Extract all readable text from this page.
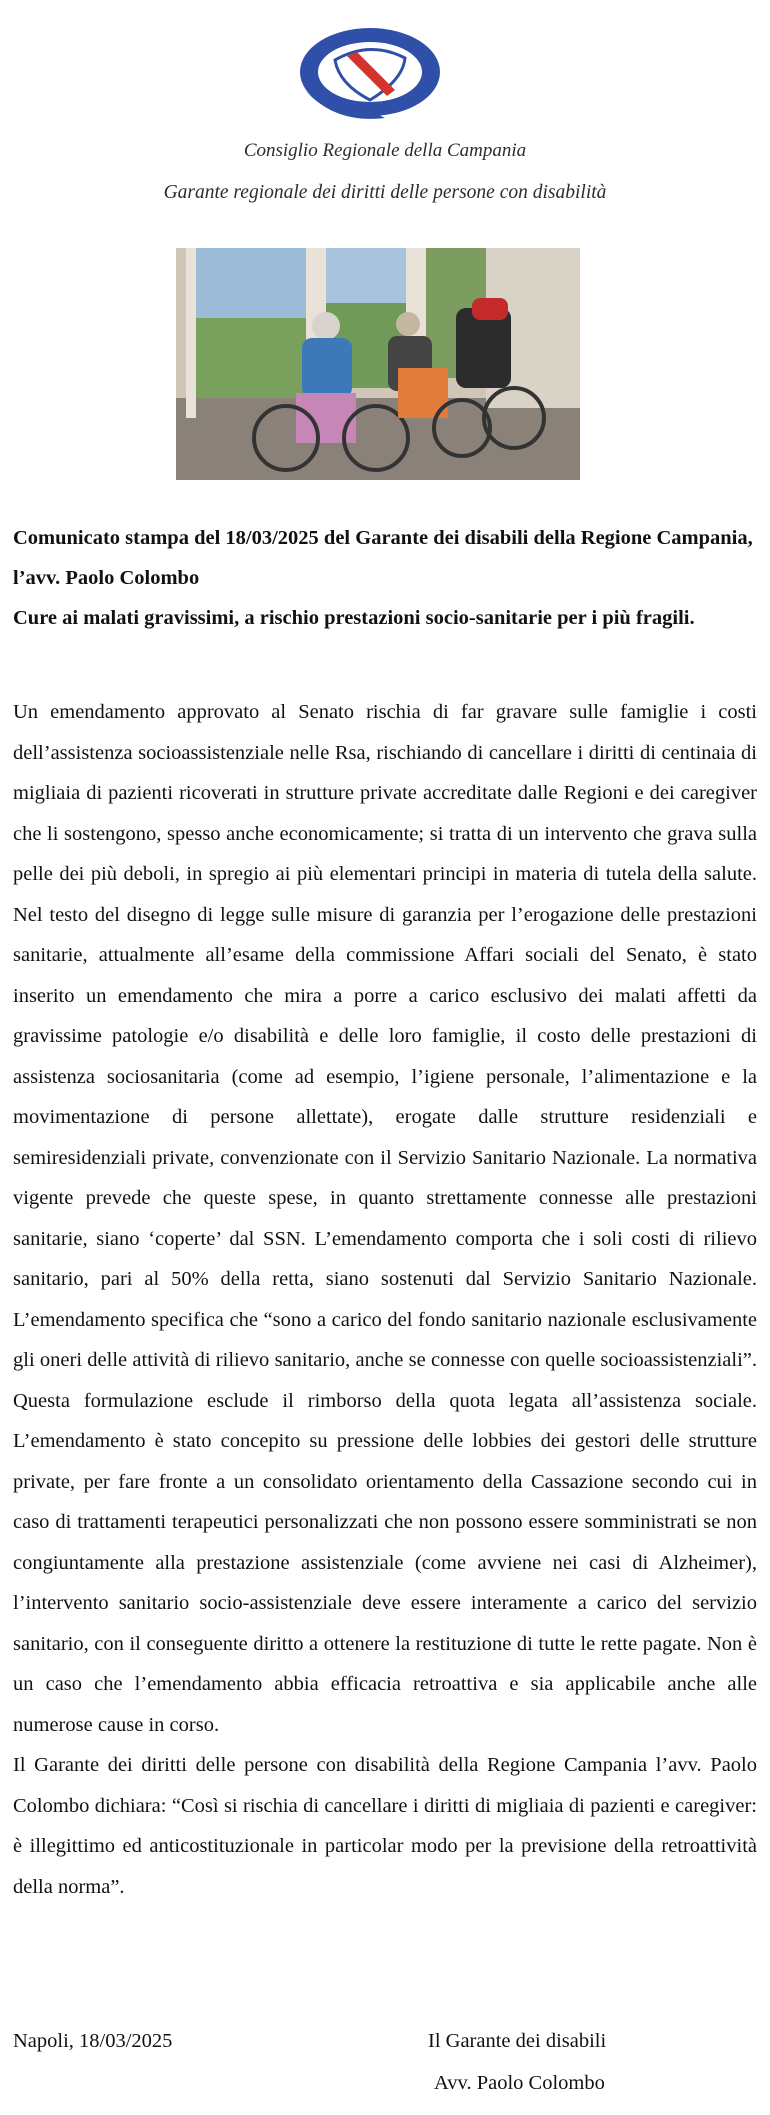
Consiglio Regionale della Campania
Garante regionale dei diritti delle persone con disabilità
Comunicato stampa del 18/03/2025 del Garante dei disabili della Regione Campania, l’avv. Paolo Colombo
Cure ai malati gravissimi, a rischio prestazioni socio-sanitarie per i più fragili.

Un emendamento approvato al Senato rischia di far gravare sulle famiglie i costi dell’assistenza socioassistenziale nelle Rsa, rischiando di cancellare i diritti di centinaia di migliaia di pazienti ricoverati in strutture private accreditate dalle Regioni e dei caregiver che li sostengono, spesso anche economicamente; si tratta di un intervento che grava sulla pelle dei più deboli, in spregio ai più elementari principi in materia di tutela della salute. Nel testo del disegno di legge sulle misure di garanzia per l’erogazione delle prestazioni sanitarie, attualmente all’esame della commissione Affari sociali del Senato, è stato inserito un emendamento che mira a porre a carico esclusivo dei malati affetti da gravissime patologie e/o disabilità e delle loro famiglie, il costo delle prestazioni di assistenza sociosanitaria (come ad esempio, l’igiene personale, l’alimentazione e la movimentazione di persone allettate), erogate dalle strutture residenziali e semiresidenziali private, convenzionate con il Servizio Sanitario Nazionale. La normativa vigente prevede che queste spese, in quanto strettamente connesse alle prestazioni sanitarie, siano ‘coperte’ dal SSN. L’emendamento comporta che i soli costi di rilievo sanitario, pari al 50% della retta, siano sostenuti dal Servizio Sanitario Nazionale. L’emendamento specifica che “sono a carico del fondo sanitario nazionale esclusivamente gli oneri delle attività di rilievo sanitario, anche se connesse con quelle socioassistenziali”. Questa formulazione esclude il rimborso della quota legata all’assistenza sociale. L’emendamento è stato concepito su pressione delle lobbies dei gestori delle strutture private, per fare fronte a un consolidato orientamento della Cassazione secondo cui in caso di trattamenti terapeutici personalizzati che non possono essere somministrati se non congiuntamente alla prestazione assistenziale (come avviene nei casi di Alzheimer), l’intervento sanitario socio-assistenziale deve essere interamente a carico del servizio sanitario, con il conseguente diritto a ottenere la restituzione di tutte le rette pagate. Non è un caso che l’emendamento abbia efficacia retroattiva e sia applicabile anche alle numerose cause in corso.

Il Garante dei diritti delle persone con disabilità della Regione Campania l’avv. Paolo Colombo dichiara: “Così si rischia di cancellare i diritti di migliaia di pazienti e caregiver: è illegittimo ed anticostituzionale in particolar modo per la previsione della retroattività della norma”.

Napoli, 18/03/2025	Il Garante dei disabili
Avv. Paolo Colombo
